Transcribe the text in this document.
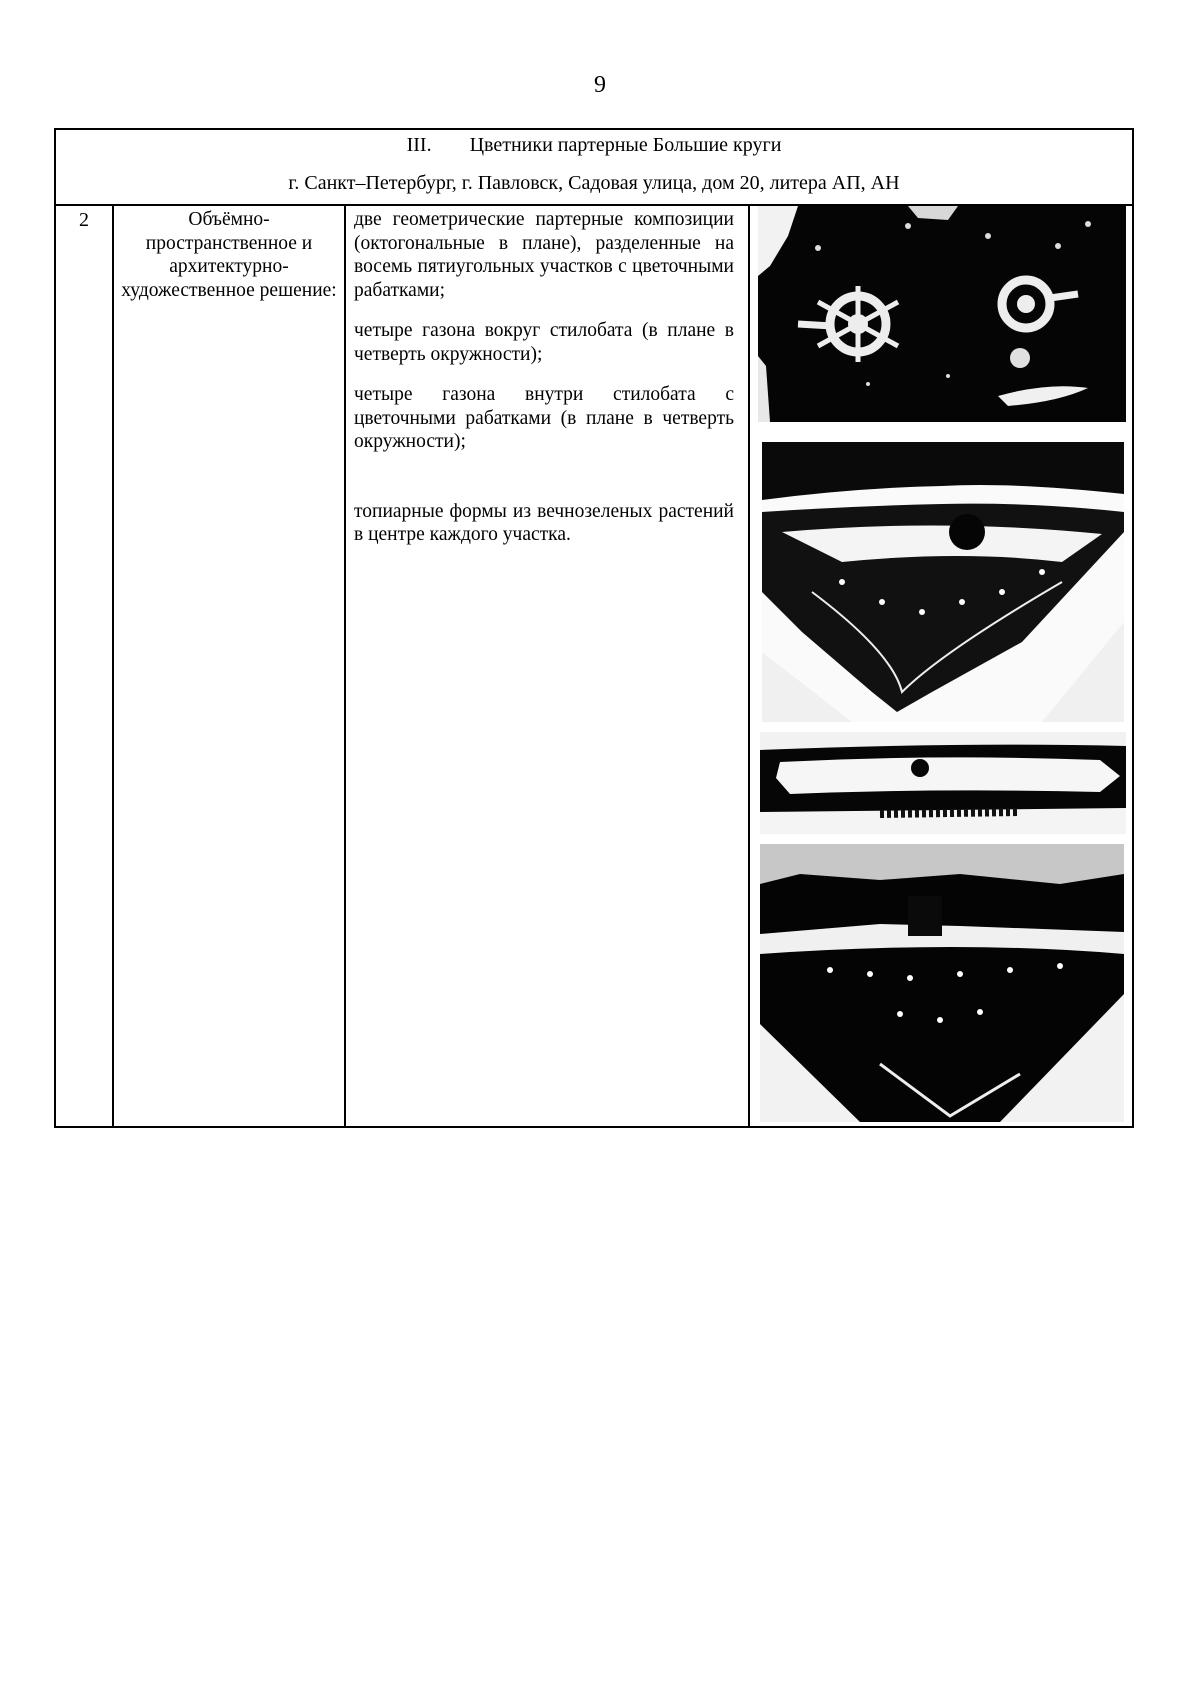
9
III. Цветники партерные Большие круги
г. Санкт–Петербург, г. Павловск, Садовая улица, дом 20, литера АП, АН
2	Объёмно-пространственное и архитектурно-художественное решение:

две геометрические партерные композиции (октогональные в плане), разделенные на восемь пятиугольных участков с цветочными рабатками;

четыре газона вокруг стилобата (в плане в четверть окружности);

четыре газона внутри стилобата с цветочными рабатками (в плане в четверть окружности);

топиарные формы из вечнозеленых растений в центре каждого участка.
